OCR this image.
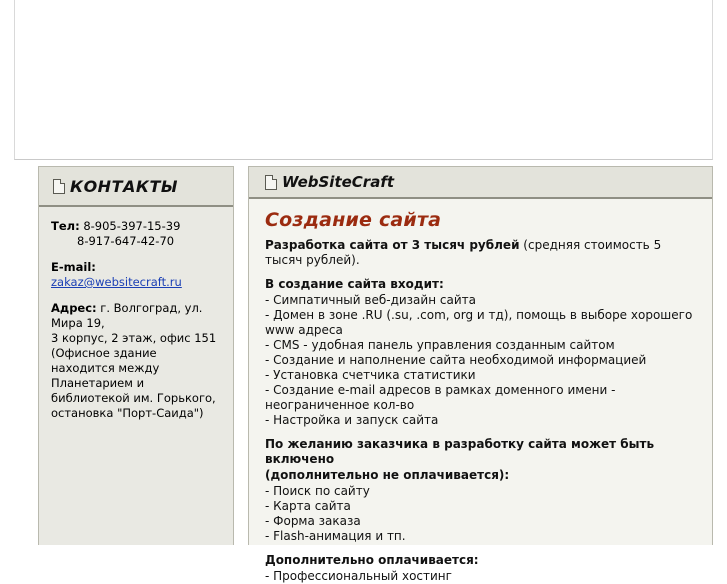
КОНТАКТЫ
Тел: 8-905-397-15-39
8-917-647-42-70
E-mail: zakaz@websitecraft.ru
Адрес: г. Волгоград, ул. Мира 19,
3 корпус, 2 этаж, офис 151
(Офисное здание находится между
Планетарием и библиотекой им. Горького, остановка "Порт-Саида")
WebSiteCraft
Создание сайта

Разработка сайта от 3 тысяч рублей (средняя стоимость 5 тысяч рублей).

В создание сайта входит:
- Симпатичный веб-дизайн сайта
- Домен в зоне .RU (.su, .com, org и тд), помощь в выборе хорошего www адреса
- CMS - удобная панель управления созданным сайтом
- Создание и наполнение сайта необходимой информацией
- Установка счетчика статистики
- Создание e-mail адресов в рамках доменного имени - неограниченное кол-во
- Настройка и запуск сайта
По желанию заказчика в разработку сайта может быть включено
(дополнительно не оплачивается):
- Поиск по сайту
- Карта сайта
- Форма заказа
- Flash-анимация и тп.
Дополнительно оплачивается:
- Профессиональный хостинг
